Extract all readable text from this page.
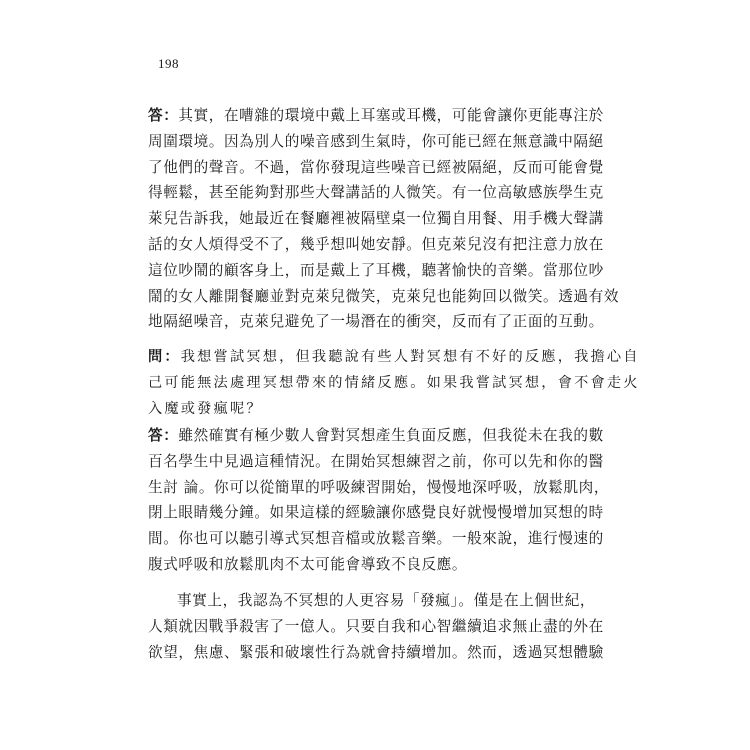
198
答：其實，在嘈雜的環境中戴上耳塞或耳機，可能會讓你更能專注於
周圍環境。因為別人的噪音感到生氣時，你可能已經在無意識中隔絕
了他們的聲音。不過，當你發現這些噪音已經被隔絕，反而可能會覺
得輕鬆，甚至能夠對那些大聲講話的人微笑。有一位高敏感族學生克
萊兒告訴我，她最近在餐廳裡被隔壁桌一位獨自用餐、用手機大聲講
話的女人煩得受不了，幾乎想叫她安靜。但克萊兒沒有把注意力放在
這位吵鬧的顧客身上，而是戴上了耳機，聽著愉快的音樂。當那位吵
鬧的女人離開餐廳並對克萊兒微笑，克萊兒也能夠回以微笑。透過有效
地隔絕噪音，克萊兒避免了一場潛在的衝突，反而有了正面的互動。
問：我想嘗試冥想，但我聽說有些人對冥想有不好的反應，我擔心自
己可能無法處理冥想帶來的情緒反應。如果我嘗試冥想，會不會走火
入魔或發瘋呢？
答：雖然確實有極少數人會對冥想產生負面反應，但我從未在我的數
百名學生中見過這種情況。在開始冥想練習之前，你可以先和你的醫
生討 論。你可以從簡單的呼吸練習開始，慢慢地深呼吸，放鬆肌肉，
閉上眼睛幾分鐘。如果這樣的經驗讓你感覺良好就慢慢增加冥想的時
間。你也可以聽引導式冥想音檔或放鬆音樂。一般來說，進行慢速的
腹式呼吸和放鬆肌肉不太可能會導致不良反應。
事實上，我認為不冥想的人更容易「發瘋」。僅是在上個世紀，
人類就因戰爭殺害了一億人。只要自我和心智繼續追求無止盡的外在
欲望，焦慮、緊張和破壞性行為就會持續增加。然而，透過冥想體驗
